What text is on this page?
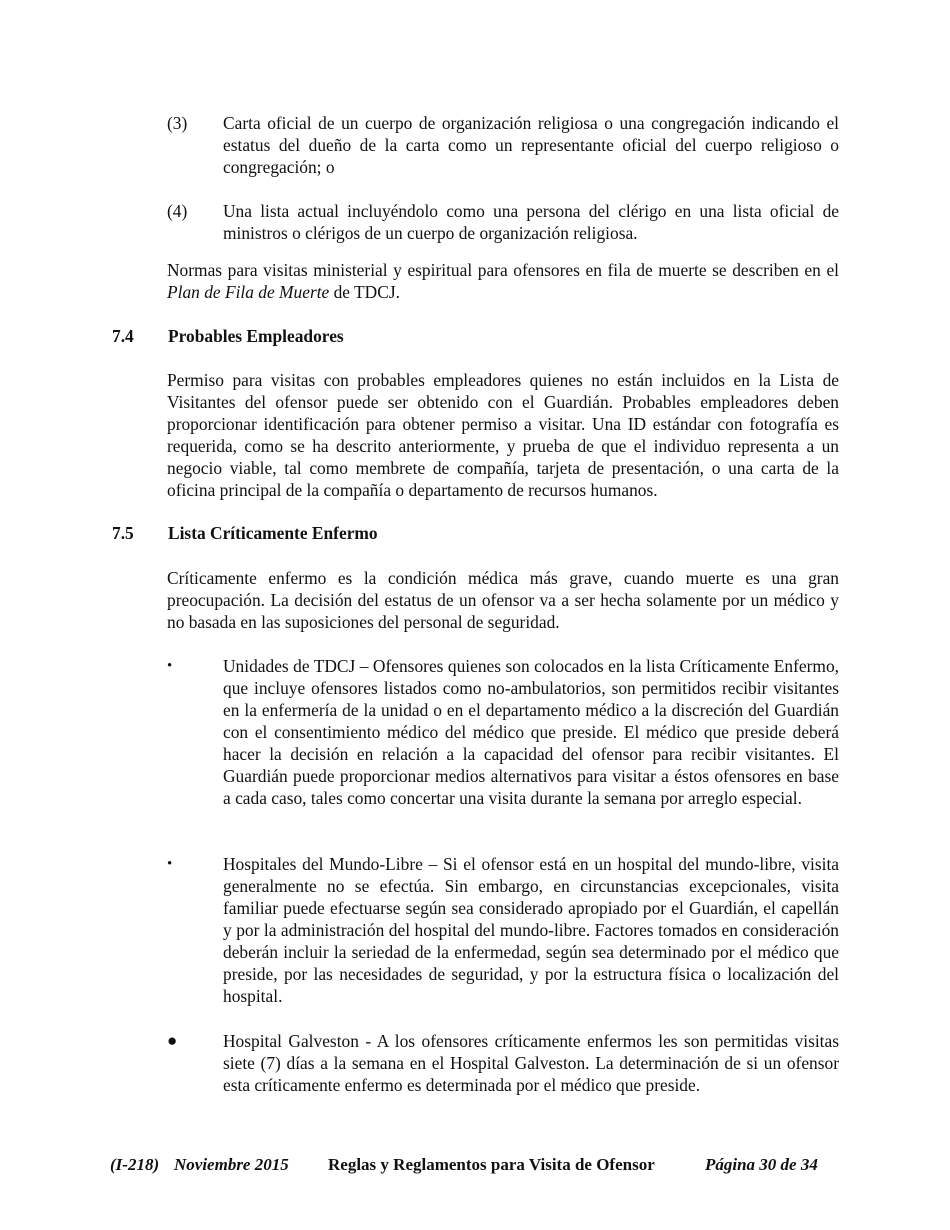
(3)	Carta oficial de un cuerpo de organización religiosa o una congregación indicando el estatus del dueño de la carta como un representante oficial del cuerpo religioso o congregación; o
(4)	Una lista actual incluyéndolo como una persona del clérigo en una lista oficial de ministros o clérigos de un cuerpo de organización religiosa.
Normas para visitas ministerial y espiritual para ofensores en fila de muerte se describen en el Plan de Fila de Muerte de TDCJ.
7.4	Probables Empleadores
Permiso para visitas con probables empleadores quienes no están incluidos en la Lista de Visitantes del ofensor puede ser obtenido con el Guardián. Probables empleadores deben proporcionar identificación para obtener permiso a visitar. Una ID estándar con fotografía es requerida, como se ha descrito anteriormente, y prueba de que el individuo representa a un negocio viable, tal como membrete de compañía, tarjeta de presentación, o una carta de la oficina principal de la compañía o departamento de recursos humanos.
7.5	Lista Críticamente Enfermo
Críticamente enfermo es la condición médica más grave, cuando muerte es una gran preocupación. La decisión del estatus de un ofensor va a ser hecha solamente por un médico y no basada en las suposiciones del personal de seguridad.
•	Unidades de TDCJ – Ofensores quienes son colocados en la lista Críticamente Enfermo, que incluye ofensores listados como no-ambulatorios, son permitidos recibir visitantes en la enfermería de la unidad o en el departamento médico a la discreción del Guardián con el consentimiento médico del médico que preside. El médico que preside deberá hacer la decisión en relación a la capacidad del ofensor para recibir visitantes. El Guardián puede proporcionar medios alternativos para visitar a éstos ofensores en base a cada caso, tales como concertar una visita durante la semana por arreglo especial.
•	Hospitales del Mundo-Libre – Si el ofensor está en un hospital del mundo-libre, visita generalmente no se efectúa. Sin embargo, en circunstancias excepcionales, visita familiar puede efectuarse según sea considerado apropiado por el Guardián, el capellán y por la administración del hospital del mundo-libre. Factores tomados en consideración deberán incluir la seriedad de la enfermedad, según sea determinado por el médico que preside, por las necesidades de seguridad, y por la estructura física o localización del hospital.
●	Hospital Galveston - A los ofensores críticamente enfermos les son permitidas visitas siete (7) días a la semana en el Hospital Galveston. La determinación de si un ofensor esta críticamente enfermo es determinada por el médico que preside.
(I-218) Noviembre 2015 Reglas y Reglamentos para Visita de Ofensor	Página 30 de 34
